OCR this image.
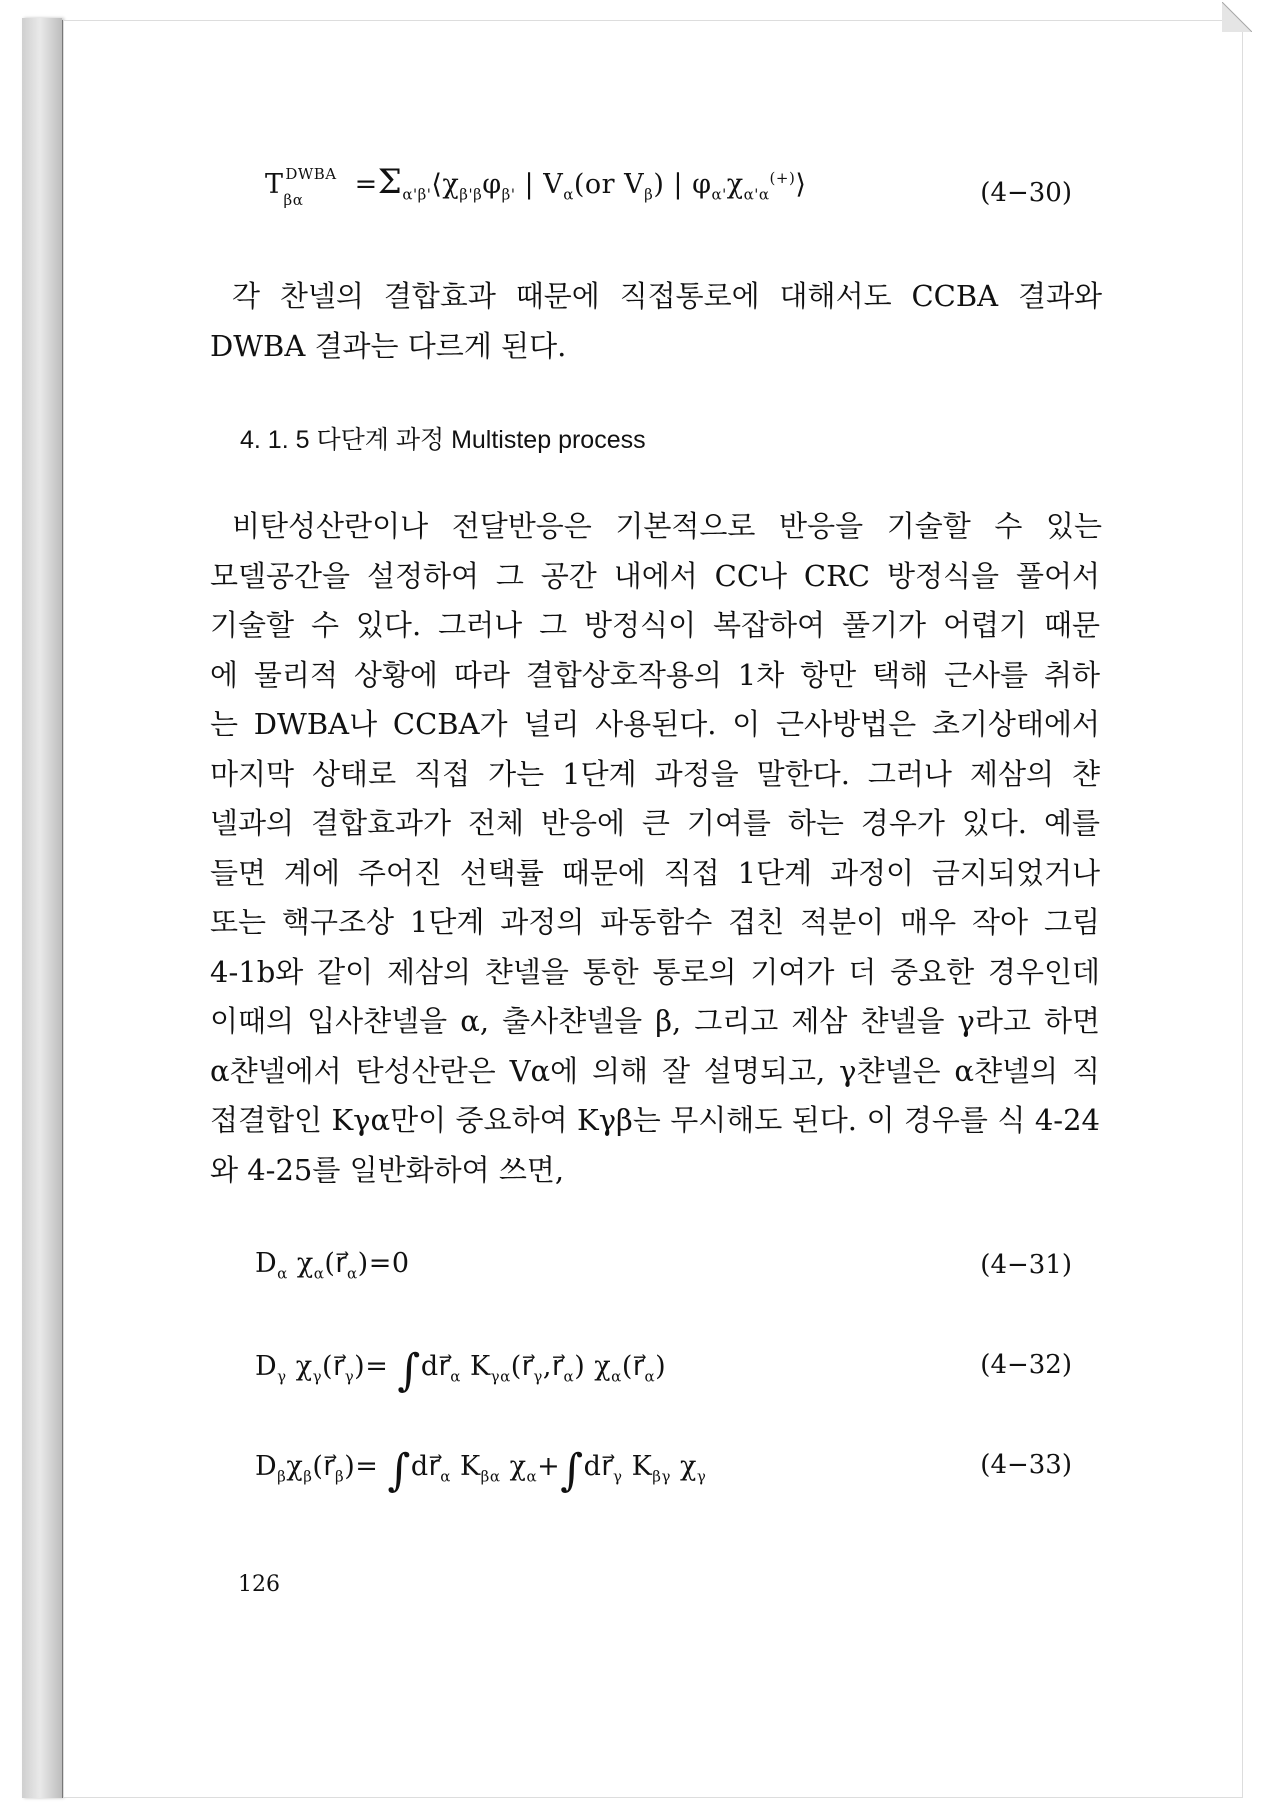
$T_{\beta\alpha}^{DWBA}$ $=\Sigma_{\alpha'\beta'}⟨\chi_{\beta'\beta}\varphi_{\beta'}$ | $V_\alpha(or$ $V_\beta$) | $\varphi_{\alpha'}\chi_{\alpha'\alpha}^{(+)}⟩$	(4−30)
각 찬넬의 결합효과 때문에 직접통로에 대해서도 CCBA 결과와
DWBA 결과는 다르게 된다.
4. 1. 5 다단계 과정 Multistep process
비탄성산란이나 전달반응은 기본적으로 반응을 기술할 수 있는
모델공간을 설정하여 그 공간 내에서 CC나 CRC 방정식을 풀어서
기술할 수 있다. 그러나 그 방정식이 복잡하여 풀기가 어렵기 때문
에 물리적 상황에 따라 결합상호작용의 1차 항만 택해 근사를 취하
는 DWBA나 CCBA가 널리 사용된다. 이 근사방법은 초기상태에서
마지막 상태로 직접 가는 1단계 과정을 말한다. 그러나 제삼의 챤
넬과의 결합효과가 전체 반응에 큰 기여를 하는 경우가 있다. 예를
들면 계에 주어진 선택률 때문에 직접 1단계 과정이 금지되었거나
또는 핵구조상 1단계 과정의 파동함수 겹친 적분이 매우 작아 그림
4-1b와 같이 제삼의 챤넬을 통한 통로의 기여가 더 중요한 경우인데
이때의 입사챤넬을 α, 출사챤넬을 β, 그리고 제삼 챤넬을 γ라고 하면
α챤넬에서 탄성산란은 Vα에 의해 잘 설명되고, γ챤넬은 α챤넬의 직
접결합인 Kγα만이 중요하여 Kγβ는 무시해도 된다. 이 경우를 식 4-24
와 4-25를 일반화하여 쓰면,
$D_\alpha$ $\chi_\alpha(r⃗_\alpha)=0$	(4−31)
$D_\gamma$ $\chi_\gamma(r⃗_\gamma)=$ $\int dr⃗_\alpha$ $K_{\gamma\alpha}(r⃗_\gamma,r⃗_\alpha)$ $\chi_\alpha(r⃗_\alpha)$	(4−32)
$D_\beta\chi_\beta(r⃗_\beta)=$ $\int dr⃗_\alpha$ $K_{\beta\alpha}$ $\chi_\alpha+\int dr⃗_\gamma$ $K_{\beta\gamma}$ $\chi_\gamma$	(4−33)
126
